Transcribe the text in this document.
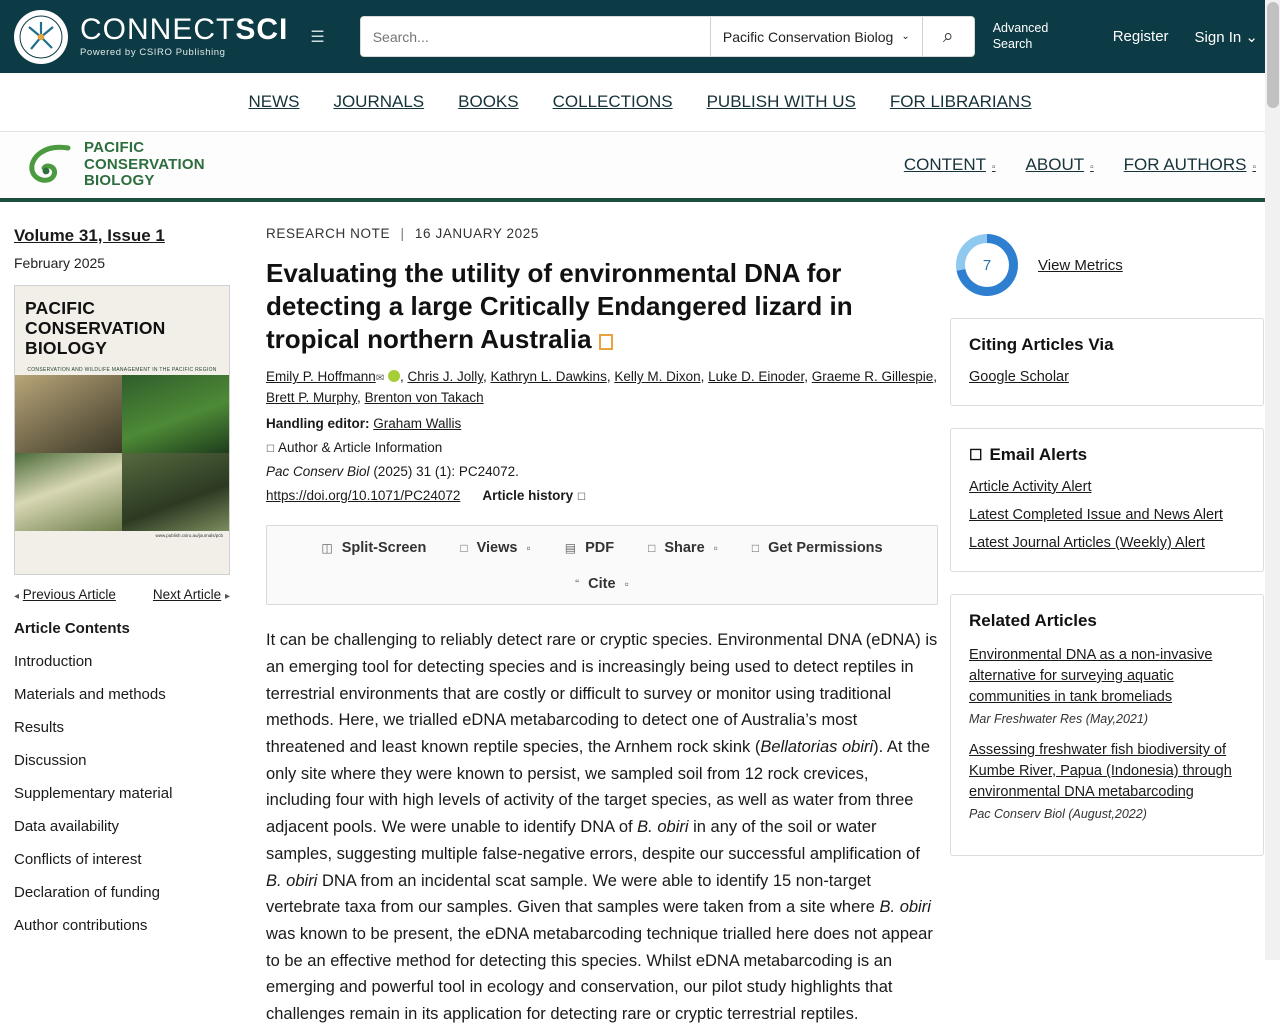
CONNECTSCI
Powered by CSIRO Publishing
☰
Search...	Pacific Conservation Biolog ⌄ ⌕	Advanced Search	Register Sign In ⌄
NEWS JOURNALS BOOKS COLLECTIONS PUBLISH WITH US FOR LIBRARIANS
PACIFIC
CONSERVATION
BIOLOGY
CONTENT ▫ ABOUT ▫ FOR AUTHORS ▫
Volume 31, Issue 1
February 2025
PACIFIC
CONSERVATION
BIOLOGY
CONSERVATION AND WILDLIFE MANAGEMENT IN THE PACIFIC REGION
www.publish.csiro.au/journals/pcb
◂ Previous Article	Next Article ▸
Article Contents
Introduction
Materials and methods
Results
Discussion
Supplementary material
Data availability
Conflicts of interest
Declaration of funding
Author contributions
RESEARCH NOTE | 16 JANUARY 2025
Evaluating the utility of environmental DNA for detecting a large Critically Endangered lizard in tropical northern Australia
Emily P. Hoffmann✉ , Chris J. Jolly, Kathryn L. Dawkins, Kelly M. Dixon, Luke D. Einoder, Graeme R. Gillespie, Brett P. Murphy, Brenton von Takach
Handling editor: Graham Wallis
☐ Author & Article Information
Pac Conserv Biol (2025) 31 (1): PC24072.
https://doi.org/10.1071/PC24072 Article history ☐
◫ Split-Screen	□ Views ▫	▤ PDF	□ Share ▫	□ Get Permissions
“ Cite ▫
It can be challenging to reliably detect rare or cryptic species. Environmental DNA (eDNA) is an emerging tool for detecting species and is increasingly being used to detect reptiles in terrestrial environments that are costly or difficult to survey or monitor using traditional methods. Here, we trialled eDNA metabarcoding to detect one of Australia’s most threatened and least known reptile species, the Arnhem rock skink (Bellatorias obiri). At the only site where they were known to persist, we sampled soil from 12 rock crevices, including four with high levels of activity of the target species, as well as water from three adjacent pools. We were unable to identify DNA of B. obiri in any of the soil or water samples, suggesting multiple false-negative errors, despite our successful amplification of B. obiri DNA from an incidental scat sample. We were able to identify 15 non-target vertebrate taxa from our samples. Given that samples were taken from a site where B. obiri was known to be present, the eDNA metabarcoding technique trialled here does not appear to be an effective method for detecting this species. Whilst eDNA metabarcoding is an emerging and powerful tool in ecology and conservation, our pilot study highlights that challenges remain in its application for detecting rare or cryptic terrestrial reptiles.
7	View Metrics
Citing Articles Via
Google Scholar
☐ Email Alerts
Article Activity Alert
Latest Completed Issue and News Alert
Latest Journal Articles (Weekly) Alert
Related Articles
Environmental DNA as a non-invasive alternative for surveying aquatic communities in tank bromeliads
Mar Freshwater Res (May,2021)
Assessing freshwater fish biodiversity of Kumbe River, Papua (Indonesia) through environmental DNA metabarcoding
Pac Conserv Biol (August,2022)
